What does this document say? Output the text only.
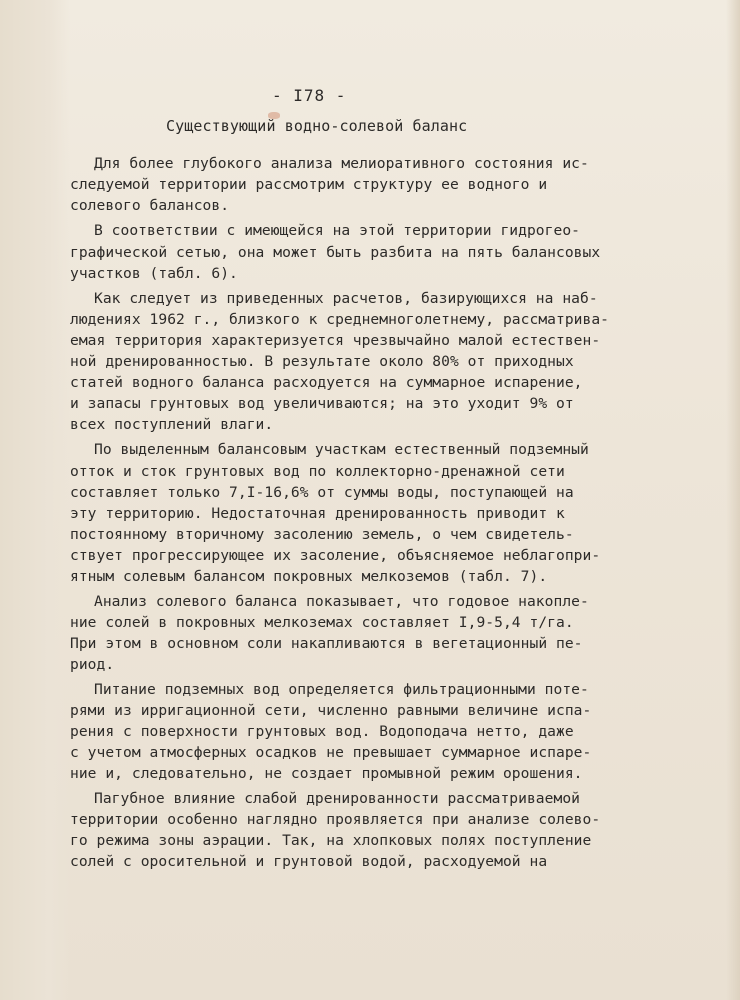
- I78 -
Существующий водно-солевой баланс
Для более глубокого анализа мелиоративного состояния ис-
следуемой территории рассмотрим структуру ее водного и
солевого балансов.
В соответствии с имеющейся на этой территории гидрогео-
графической сетью, она может быть разбита на пять балансовых
участков (табл. 6).
Как следует из приведенных расчетов, базирующихся на наб-
людениях 1962 г., близкого к среднемноголетнему, рассматрива-
емая территория характеризуется чрезвычайно малой естествен-
ной дренированностью. В результате около 80% от приходных
статей водного баланса расходуется на суммарное испарение,
и запасы грунтовых вод увеличиваются; на это уходит 9% от
всех поступлений влаги.
По выделенным балансовым участкам естественный подземный
отток и сток грунтовых вод по коллекторно-дренажной сети
составляет только 7,I-16,6% от суммы воды, поступающей на
эту территорию. Недостаточная дренированность приводит к
постоянному вторичному засолению земель, о чем свидетель-
ствует прогрессирующее их засоление, объясняемое неблагопри-
ятным солевым балансом покровных мелкоземов (табл. 7).
Анализ солевого баланса показывает, что годовое накопле-
ние солей в покровных мелкоземах составляет I,9-5,4 т/га.
При этом в основном соли накапливаются в вегетационный пе-
риод.
Питание подземных вод определяется фильтрационными поте-
рями из ирригационной сети, численно равными величине испа-
рения с поверхности грунтовых вод. Водоподача нетто, даже
с учетом атмосферных осадков не превышает суммарное испаре-
ние и, следовательно, не создает промывной режим орошения.
Пагубное влияние слабой дренированности рассматриваемой
территории особенно наглядно проявляется при анализе солево-
го режима зоны аэрации. Так, на хлопковых полях поступление
солей с оросительной и грунтовой водой, расходуемой на
